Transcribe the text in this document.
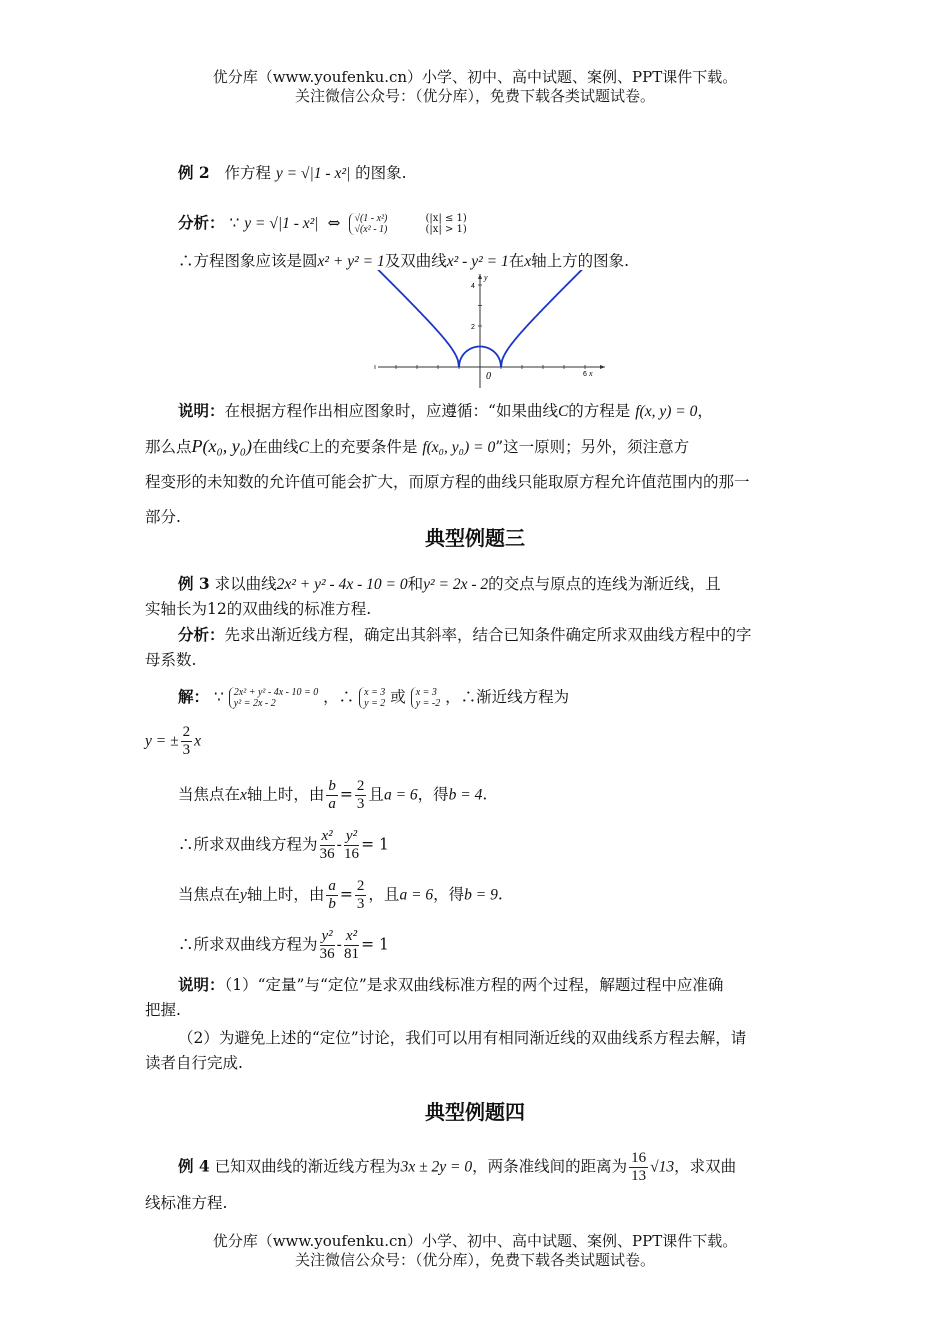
优分库（www.youfenku.cn）小学、初中、高中试题、案例、PPT课件下载。
关注微信公众号：（优分库），免费下载各类试题试卷。
例 2 作方程 y = √|1 - x²| 的图象.
分析： ∵ y = √|1 - x²| ⇔ √(1 - x²)	(|x| ≤ 1)
√(x² - 1)	(|x| > 1)
∴方程图象应该是圆x² + y² = 1及双曲线x² - y² = 1在x轴上方的图象.
4
2
6 x
y
0
说明：在根据方程作出相应图象时，应遵循：“如果曲线C的方程是 f(x, y) = 0，
那么点P(x₀, y₀)在曲线C上的充要条件是 f(x₀, y₀) = 0”这一原则；另外，须注意方
程变形的未知数的允许值可能会扩大，而原方程的曲线只能取原方程允许值范围内的那一
部分.
典型例题三
例 3 求以曲线2x² + y² - 4x - 10 = 0和y² = 2x - 2的交点与原点的连线为渐近线，且
实轴长为12的双曲线的标准方程.
分析：先求出渐近线方程，确定出其斜率，结合已知条件确定所求双曲线方程中的字
母系数.
解： ∵ 2x² + y² - 4x - 10 = 0
y² = 2x - 2	，∴ x = 3
y = 2 或 x = 3
y = -2 ，∴渐近线方程为
y = ± $\frac{2}{3}$ x
当焦点在x轴上时，由 $\frac{b}{a} = \frac{2}{3}$ 且a = 6，得b = 4.
∴所求双曲线方程为 $\frac{\text{x²}}{36} - \frac{\text{y²}}{16} = 1$
当焦点在y轴上时，由 $\frac{a}{b} = \frac{2}{3}$ ，且a = 6，得b = 9.
∴所求双曲线方程为 $\frac{\text{y²}}{36} - \frac{\text{x²}}{81} = 1$
说明：（1）“定量”与“定位”是求双曲线标准方程的两个过程，解题过程中应准确
把握.
（2）为避免上述的“定位”讨论，我们可以用有相同渐近线的双曲线系方程去解，请
读者自行完成.
典型例题四
例 4 已知双曲线的渐近线方程为3x ± 2y = 0，两条准线间的距离为 $\frac{16}{13} √13$，求双曲
线标准方程.
优分库（www.youfenku.cn）小学、初中、高中试题、案例、PPT课件下载。
关注微信公众号：（优分库），免费下载各类试题试卷。
